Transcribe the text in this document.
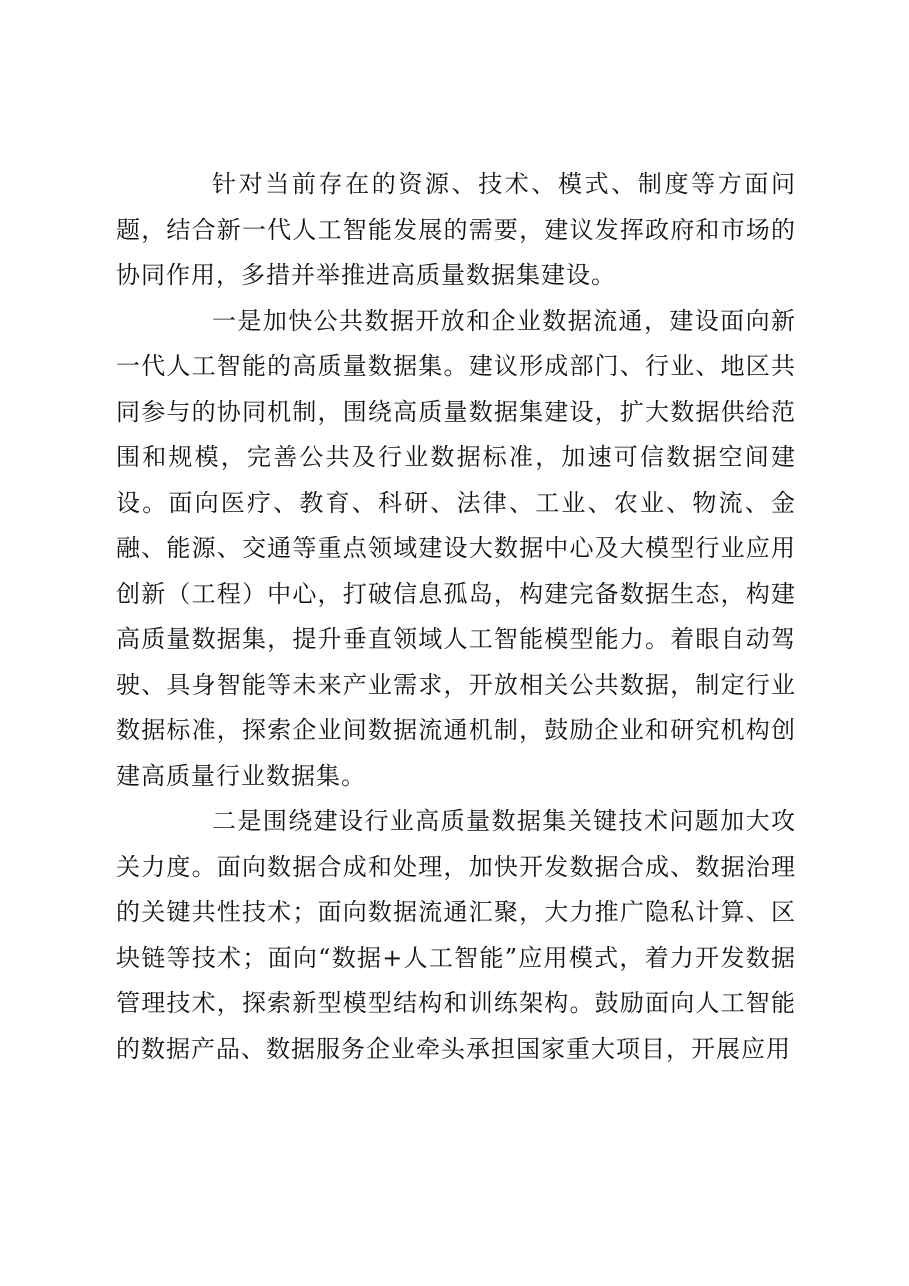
针对当前存在的资源、技术、模式、制度等方面问题，结合新一代人工智能发展的需要，建议发挥政府和市场的协同作用，多措并举推进高质量数据集建设。

一是加快公共数据开放和企业数据流通，建设面向新一代人工智能的高质量数据集。建议形成部门、行业、地区共同参与的协同机制，围绕高质量数据集建设，扩大数据供给范围和规模，完善公共及行业数据标准，加速可信数据空间建设。面向医疗、教育、科研、法律、工业、农业、物流、金融、能源、交通等重点领域建设大数据中心及大模型行业应用创新（工程）中心，打破信息孤岛，构建完备数据生态，构建高质量数据集，提升垂直领域人工智能模型能力。着眼自动驾驶、具身智能等未来产业需求，开放相关公共数据，制定行业数据标准，探索企业间数据流通机制，鼓励企业和研究机构创建高质量行业数据集。

二是围绕建设行业高质量数据集关键技术问题加大攻关力度。面向数据合成和处理，加快开发数据合成、数据治理的关键共性技术；面向数据流通汇聚，大力推广隐私计算、区块链等技术；面向“数据+人工智能”应用模式，着力开发数据管理技术，探索新型模型结构和训练架构。鼓励面向人工智能的数据产品、数据服务企业牵头承担国家重大项目，开展应用
